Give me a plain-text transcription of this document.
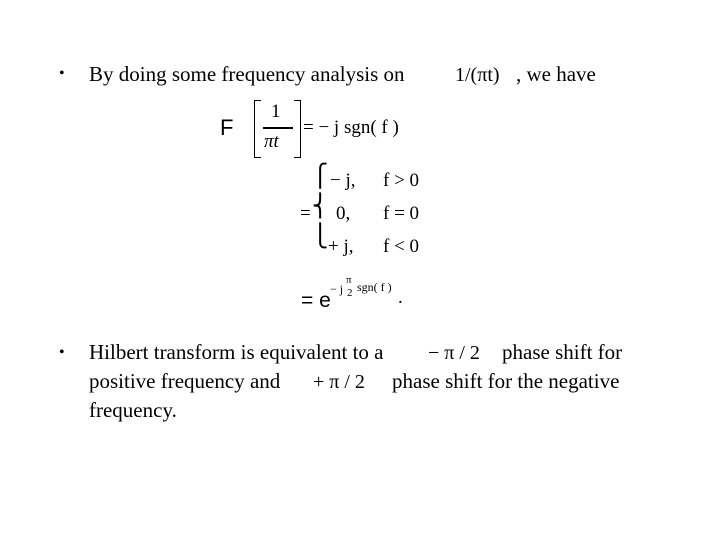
• By doing some frequency analysis on	1/(πt) , we have
F
1
πt
= − j sgn( f )
=
⎧
⎨
⎩
− j, f > 0
0, f = 0
+ j, f < 0
= e − j
π
2 sgn( f ) .
• Hilbert transform is equivalent to a − π / 2 phase shift for
positive frequency and + π / 2 phase shift for the negative
frequency.
